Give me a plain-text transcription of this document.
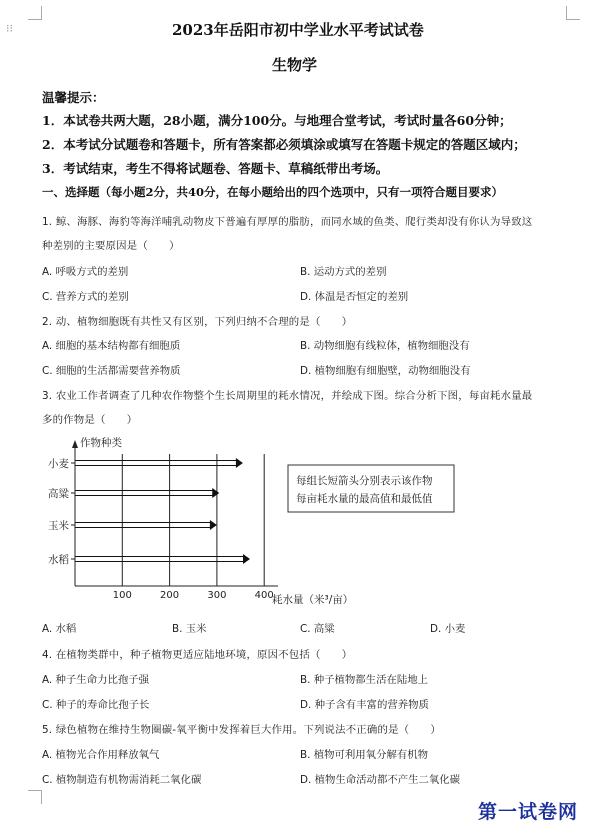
⁝⁝	2023年岳阳市初中学业水平考试试卷
生物学
温馨提示：
1．本试卷共两大题，28小题，满分100分。与地理合堂考试，考试时量各60分钟；
2．本考试分试题卷和答题卡，所有答案都必须填涂或填写在答题卡规定的答题区域内；
3．考试结束，考生不得将试题卷、答题卡、草稿纸带出考场。
一、选择题（每小题2分，共40分，在每小题给出的四个选项中，只有一项符合题目要求）
1. 鲸、海豚、海豹等海洋哺乳动物皮下普遍有厚厚的脂肪，而同水域的鱼类、爬行类却没有你认为导致这
种差别的主要原因是（　　）
A. 呼吸方式的差别	B. 运动方式的差别
C. 营养方式的差别	D. 体温是否恒定的差别
2. 动、植物细胞既有共性又有区别，下列归纳不合理的是（　　）
A. 细胞的基本结构都有细胞质	B. 动物细胞有线粒体，植物细胞没有
C. 细胞的生活都需要营养物质	D. 植物细胞有细胞壁，动物细胞没有
3. 农业工作者调查了几种农作物整个生长周期里的耗水情况，并绘成下图。综合分析下图，每亩耗水量最
多的作物是（　　）
作物种类
耗水量（米³/亩）
小麦
高粱
玉米
水稻
100	200	300	400
每组长短箭头分别表示该作物
每亩耗水量的最高值和最低值
A. 水稻	B. 玉米	C. 高粱	D. 小麦
4. 在植物类群中，种子植物更适应陆地环境，原因不包括（　　）
A. 种子生命力比孢子强	B. 种子植物都生活在陆地上
C. 种子的寿命比孢子长	D. 种子含有丰富的营养物质
5. 绿色植物在维持生物圈碳-氧平衡中发挥着巨大作用。下列说法不正确的是（　　）
A. 植物光合作用释放氧气	B. 植物可利用氧分解有机物
C. 植物制造有机物需消耗二氧化碳	D. 植物生命活动都不产生二氧化碳
第一试卷网
